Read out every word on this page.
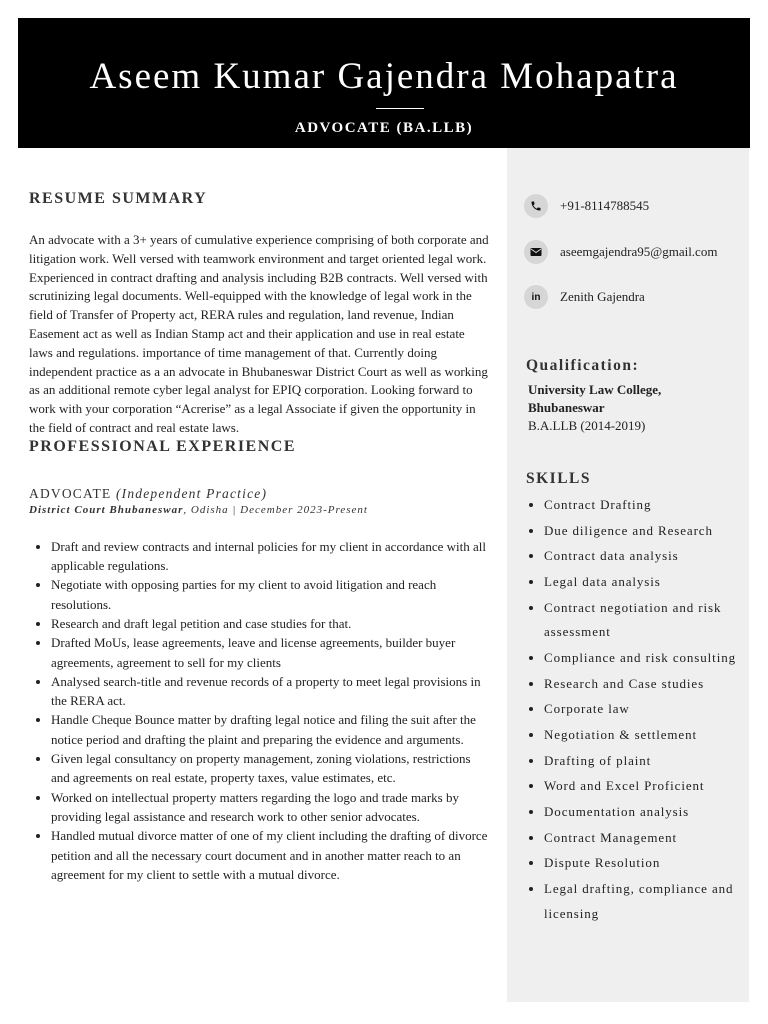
Aseem Kumar Gajendra Mohapatra
ADVOCATE (BA.LLB)
RESUME SUMMARY

An advocate with a 3+ years of cumulative experience comprising of both corporate and litigation work. Well versed with teamwork environment and target oriented legal work. Experienced in contract drafting and analysis including B2B contracts. Well versed with scrutinizing legal documents. Well-equipped with the knowledge of legal work in the field of Transfer of Property act, RERA rules and regulation, land revenue, Indian Easement act as well as Indian Stamp act and their application and use in real estate laws and regulations. importance of time management of that. Currently doing independent practice as a an advocate in Bhubaneswar District Court as well as working as an additional remote cyber legal analyst for EPIQ corporation. Looking forward to work with your corporation “Acrerise” as a legal Associate if given the opportunity in the field of contract and real estate laws.

PROFESSIONAL EXPERIENCE
ADVOCATE (Independent Practice)
District Court Bhubaneswar, Odisha | December 2023-Present
• Draft and review contracts and internal policies for my client in accordance with all applicable regulations.
• Negotiate with opposing parties for my client to avoid litigation and reach resolutions.
• Research and draft legal petition and case studies for that.
• Drafted MoUs, lease agreements, leave and license agreements, builder buyer agreements, agreement to sell for my clients
• Analysed search-title and revenue records of a property to meet legal provisions in the RERA act.
• Handle Cheque Bounce matter by drafting legal notice and filing the suit after the notice period and drafting the plaint and preparing the evidence and arguments.
• Given legal consultancy on property management, zoning violations, restrictions and agreements on real estate, property taxes, value estimates, etc.
• Worked on intellectual property matters regarding the logo and trade marks by providing legal assistance and research work to other senior advocates.
• Handled mutual divorce matter of one of my client including the drafting of divorce petition and all the necessary court document and in another matter reach to an agreement for my client to settle with a mutual divorce.
+91-8114788545
aseemgajendra95@gmail.com
in Zenith Gajendra
Qualification:
University Law College, Bhubaneswar
B.A.LLB (2014-2019)
SKILLS
• Contract Drafting
• Due diligence and Research
• Contract data analysis
• Legal data analysis
• Contract negotiation and risk assessment
• Compliance and risk consulting
• Research and Case studies
• Corporate law
• Negotiation & settlement
• Drafting of plaint
• Word and Excel Proficient
• Documentation analysis
• Contract Management
• Dispute Resolution
• Legal drafting, compliance and licensing
